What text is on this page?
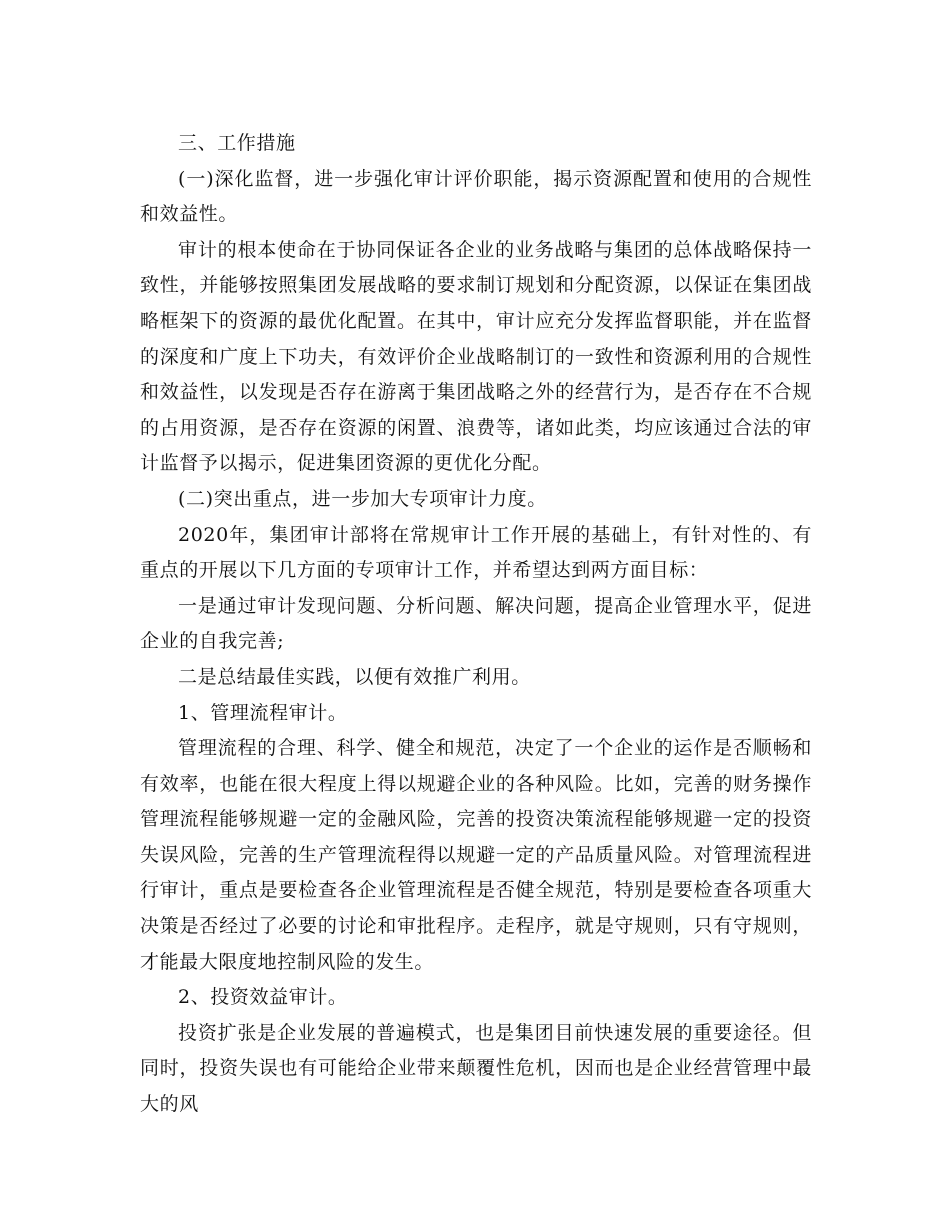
三、工作措施

(一)深化监督，进一步强化审计评价职能，揭示资源配置和使用的合规性和效益性。

审计的根本使命在于协同保证各企业的业务战略与集团的总体战略保持一致性，并能够按照集团发展战略的要求制订规划和分配资源，以保证在集团战略框架下的资源的最优化配置。在其中，审计应充分发挥监督职能，并在监督的深度和广度上下功夫，有效评价企业战略制订的一致性和资源利用的合规性和效益性，以发现是否存在游离于集团战略之外的经营行为，是否存在不合规的占用资源，是否存在资源的闲置、浪费等，诸如此类，均应该通过合法的审计监督予以揭示，促进集团资源的更优化分配。

(二)突出重点，进一步加大专项审计力度。

2020年，集团审计部将在常规审计工作开展的基础上，有针对性的、有重点的开展以下几方面的专项审计工作，并希望达到两方面目标：

一是通过审计发现问题、分析问题、解决问题，提高企业管理水平，促进企业的自我完善;

二是总结最佳实践，以便有效推广利用。

1、管理流程审计。

管理流程的合理、科学、健全和规范，决定了一个企业的运作是否顺畅和有效率，也能在很大程度上得以规避企业的各种风险。比如，完善的财务操作管理流程能够规避一定的金融风险，完善的投资决策流程能够规避一定的投资失误风险，完善的生产管理流程得以规避一定的产品质量风险。对管理流程进行审计，重点是要检查各企业管理流程是否健全规范，特别是要检查各项重大决策是否经过了必要的讨论和审批程序。走程序，就是守规则，只有守规则，才能最大限度地控制风险的发生。

2、投资效益审计。

投资扩张是企业发展的普遍模式，也是集团目前快速发展的重要途径。但同时，投资失误也有可能给企业带来颠覆性危机，因而也是企业经营管理中最大的风
